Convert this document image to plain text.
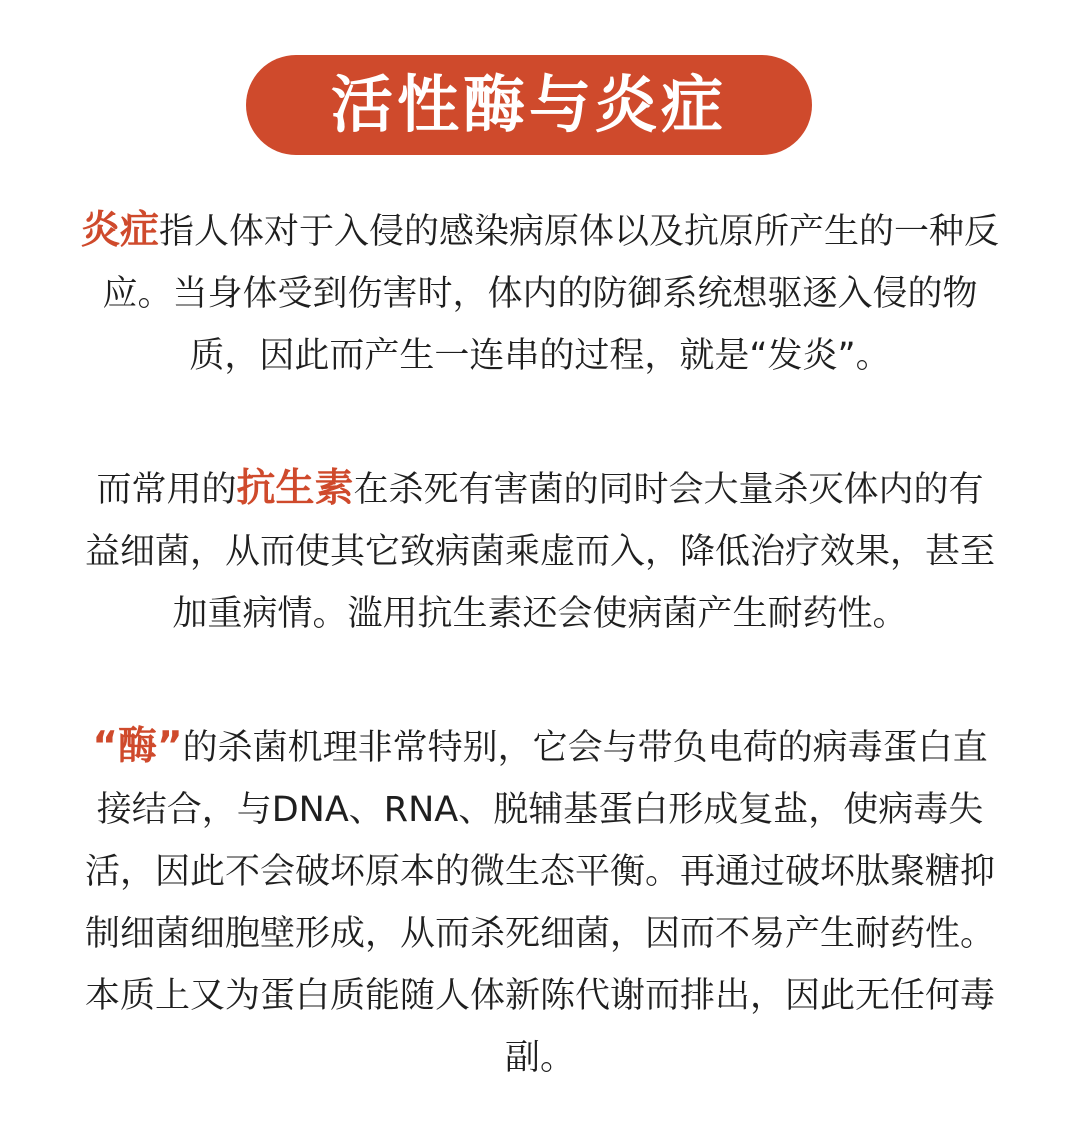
活性酶与炎症

炎症指人体对于入侵的感染病原体以及抗原所产生的一种反应。当身体受到伤害时，体内的防御系统想驱逐入侵的物质，因此而产生一连串的过程，就是“发炎”。

而常用的抗生素在杀死有害菌的同时会大量杀灭体内的有益细菌，从而使其它致病菌乘虚而入，降低治疗效果，甚至加重病情。滥用抗生素还会使病菌产生耐药性。

“酶”的杀菌机理非常特别，它会与带负电荷的病毒蛋白直接结合，与DNA、RNA、脱辅基蛋白形成复盐，使病毒失活，因此不会破坏原本的微生态平衡。再通过破坏肽聚糖抑制细菌细胞壁形成，从而杀死细菌，因而不易产生耐药性。本质上又为蛋白质能随人体新陈代谢而排出，因此无任何毒副。
